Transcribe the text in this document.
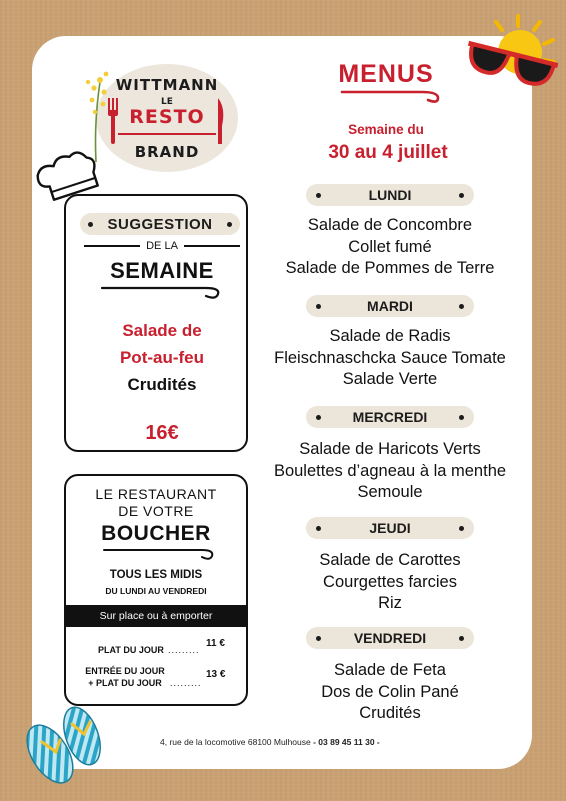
WITTMANN
LE
RESTO
BRAND
MENUS
Semaine du
30 au 4 juillet
LUNDI
Salade de Concombre
Collet fumé
Salade de Pommes de Terre
MARDI
Salade de Radis
Fleischnaschcka Sauce Tomate
Salade Verte
MERCREDI
Salade de Haricots Verts
Boulettes d’agneau à la menthe
Semoule
JEUDI
Salade de Carottes
Courgettes farcies
Riz
VENDREDI
Salade de Feta
Dos de Colin Pané
Crudités
SUGGESTION
DE LA
SEMAINE
Salade de
Pot-au-feu
Crudités
16€
LE RESTAURANT
DE VOTRE
BOUCHER
TOUS LES MIDIS
DU LUNDI AU VENDREDI
Sur place ou à emporter
PLAT DU JOUR .........
11 €
ENTRÉE DU JOUR
+ PLAT DU JOUR .........
13 €
4, rue de la locomotive 68100 Mulhouse - 03 89 45 11 30 -
